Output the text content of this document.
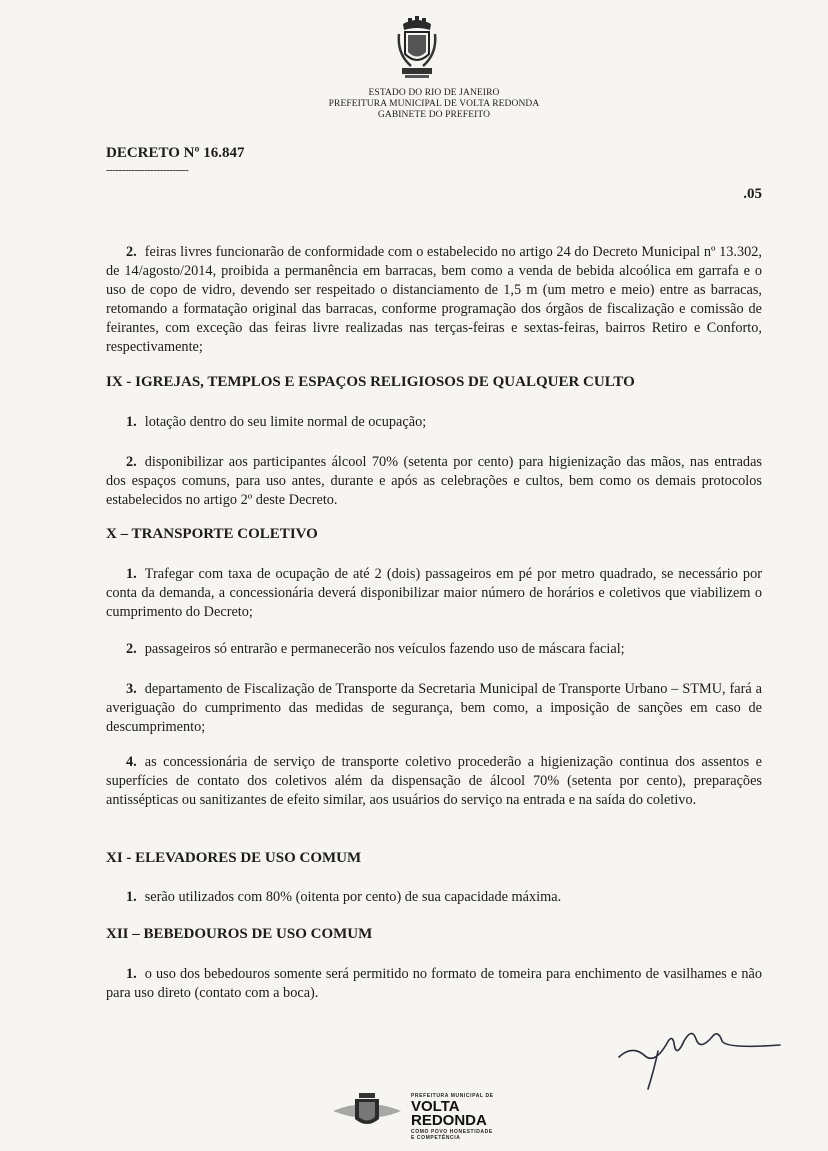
ESTADO DO RIO DE JANEIRO
PREFEITURA MUNICIPAL DE VOLTA REDONDA
GABINETE DO PREFEITO
DECRETO Nº 16.847
--------------------------
.05

2. feiras livres funcionarão de conformidade com o estabelecido no artigo 24 do Decreto Municipal nº 13.302, de 14/agosto/2014, proibida a permanência em barracas, bem como a venda de bebida alcoólica em garrafa e o uso de copo de vidro, devendo ser respeitado o distanciamento de 1,5 m (um metro e meio) entre as barracas, retomando a formatação original das barracas, conforme programação dos órgãos de fiscalização e comissão de feirantes, com exceção das feiras livre realizadas nas terças-feiras e sextas-feiras, bairros Retiro e Conforto, respectivamente;

IX - IGREJAS, TEMPLOS E ESPAÇOS RELIGIOSOS DE QUALQUER CULTO

1. lotação dentro do seu limite normal de ocupação;

2. disponibilizar aos participantes álcool 70% (setenta por cento) para higienização das mãos, nas entradas dos espaços comuns, para uso antes, durante e após as celebrações e cultos, bem como os demais protocolos estabelecidos no artigo 2º deste Decreto.

X – TRANSPORTE COLETIVO

1. Trafegar com taxa de ocupação de até 2 (dois) passageiros em pé por metro quadrado, se necessário por conta da demanda, a concessionária deverá disponibilizar maior número de horários e coletivos que viabilizem o cumprimento do Decreto;

2. passageiros só entrarão e permanecerão nos veículos fazendo uso de máscara facial;

3. departamento de Fiscalização de Transporte da Secretaria Municipal de Transporte Urbano – STMU, fará a averiguação do cumprimento das medidas de segurança, bem como, a imposição de sanções em caso de descumprimento;

4. as concessionária de serviço de transporte coletivo procederão a higienização continua dos assentos e superfícies de contato dos coletivos além da dispensação de álcool 70% (setenta por cento), preparações antissépticas ou sanitizantes de efeito similar, aos usuários do serviço na entrada e na saída do coletivo.

XI - ELEVADORES DE USO COMUM

1. serão utilizados com 80% (oitenta por cento) de sua capacidade máxima.

XII – BEBEDOUROS DE USO COMUM

1. o uso dos bebedouros somente será permitido no formato de tomeira para enchimento de vasilhames e não para uso direto (contato com a boca).

PREFEITURA MUNICIPAL DE
VOLTA
REDONDA
COMO POVO HONESTIDADE
E COMPETÊNCIA
